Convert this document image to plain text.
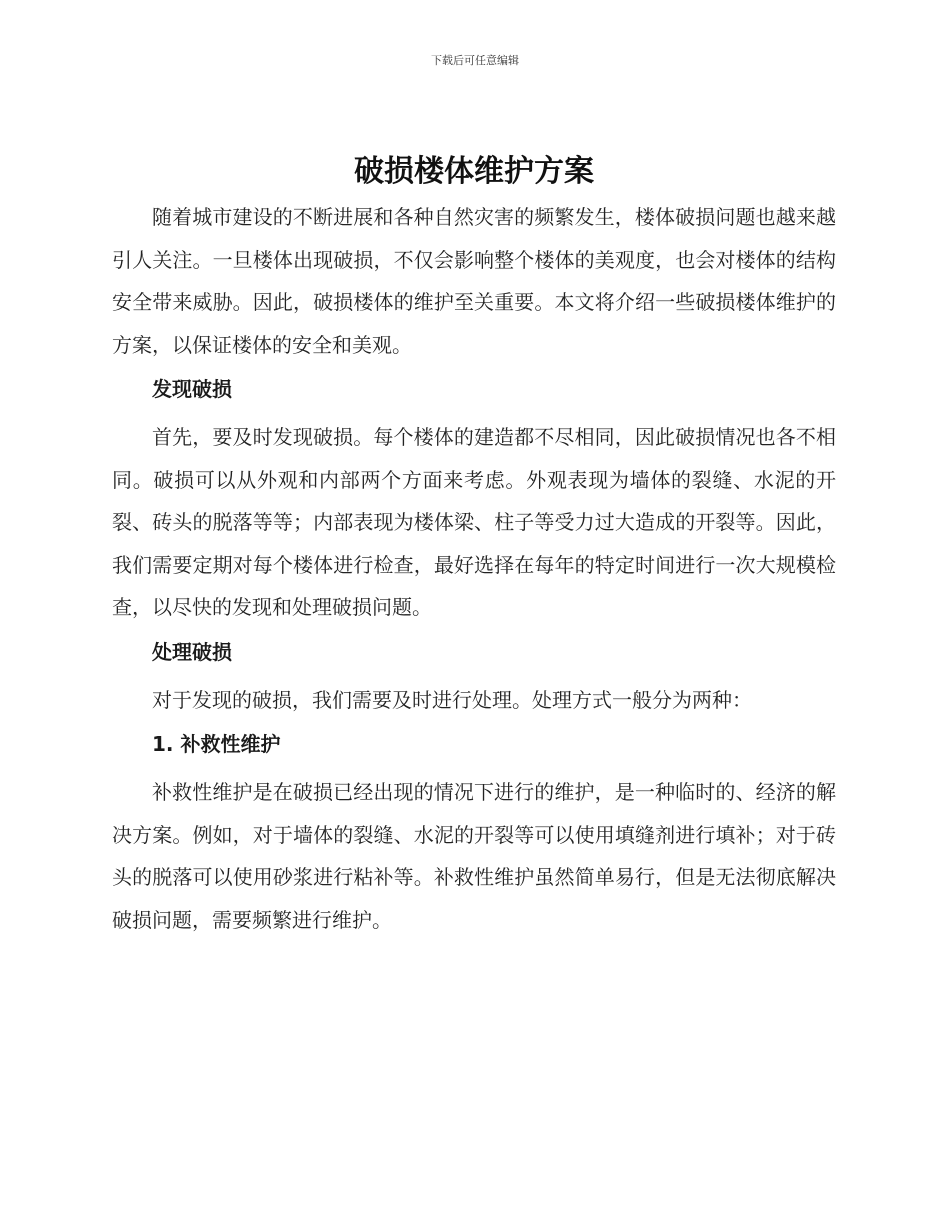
下载后可任意编辑
破损楼体维护方案

随着城市建设的不断进展和各种自然灾害的频繁发生，楼体破损问题也越来越引人关注。一旦楼体出现破损，不仅会影响整个楼体的美观度，也会对楼体的结构安全带来威胁。因此，破损楼体的维护至关重要。本文将介绍一些破损楼体维护的方案，以保证楼体的安全和美观。

发现破损

首先，要及时发现破损。每个楼体的建造都不尽相同，因此破损情况也各不相同。破损可以从外观和内部两个方面来考虑。外观表现为墙体的裂缝、水泥的开裂、砖头的脱落等等；内部表现为楼体梁、柱子等受力过大造成的开裂等。因此，我们需要定期对每个楼体进行检查，最好选择在每年的特定时间进行一次大规模检查，以尽快的发现和处理破损问题。

处理破损

对于发现的破损，我们需要及时进行处理。处理方式一般分为两种：

1. 补救性维护

补救性维护是在破损已经出现的情况下进行的维护，是一种临时的、经济的解决方案。例如，对于墙体的裂缝、水泥的开裂等可以使用填缝剂进行填补；对于砖头的脱落可以使用砂浆进行粘补等。补救性维护虽然简单易行，但是无法彻底解决破损问题，需要频繁进行维护。
